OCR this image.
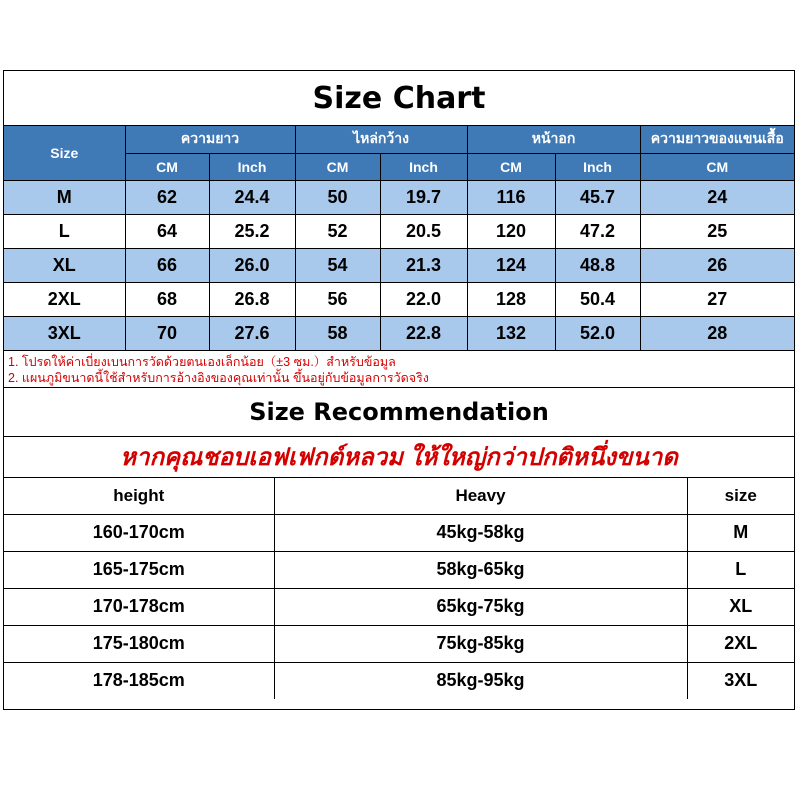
Size Chart
Size	ความยาว		ไหล่กว้าง		หน้าอก		ความยาวของแขนเสื้อ
	CM	Inch	CM	Inch	CM	Inch	CM
M	62	24.4	50	19.7	116	45.7	24
L	64	25.2	52	20.5	120	47.2	25
XL	66	26.0	54	21.3	124	48.8	26
2XL	68	26.8	56	22.0	128	50.4	27
3XL	70	27.6	58	22.8	132	52.0	28
1. โปรดให้ค่าเบี่ยงเบนการวัดด้วยตนเองเล็กน้อย（±3 ซม.）สำหรับข้อมูล
2. แผนภูมิขนาดนี้ใช้สำหรับการอ้างอิงของคุณเท่านั้น ขึ้นอยู่กับข้อมูลการวัดจริง
Size Recommendation
หากคุณชอบเอฟเฟกต์หลวม ให้ใหญ่กว่าปกติหนึ่งขนาด
height	Heavy	size
160-170cm	45kg-58kg	M
165-175cm	58kg-65kg	L
170-178cm	65kg-75kg	XL
175-180cm	75kg-85kg	2XL
178-185cm	85kg-95kg	3XL
